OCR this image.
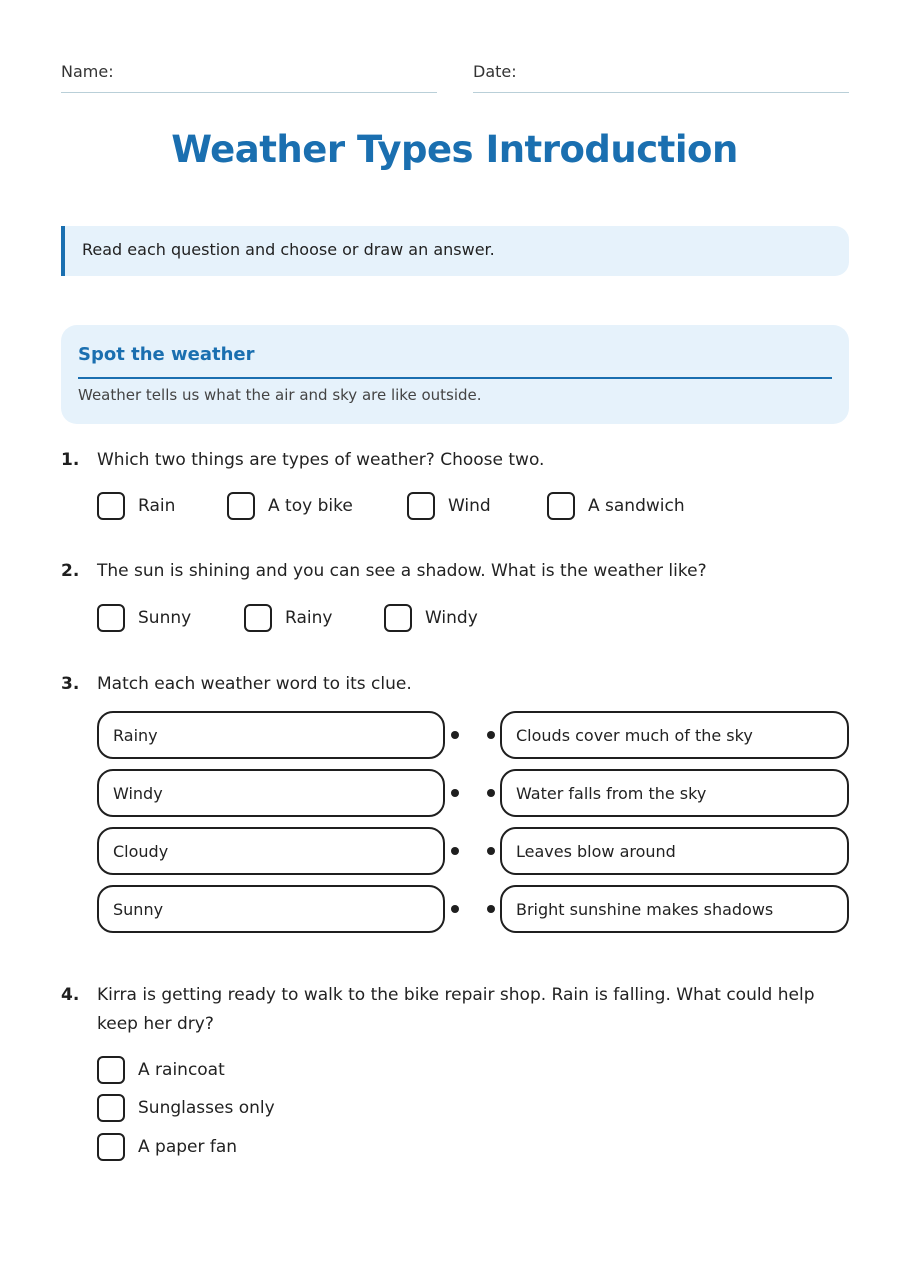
Name:	Date:
Weather Types Introduction
Read each question and choose or draw an answer.
Spot the weather
Weather tells us what the air and sky are like outside.
1. Which two things are types of weather? Choose two.
Rain	A toy bike	Wind	A sandwich
2. The sun is shining and you can see a shadow. What is the weather like?
Sunny	Rainy	Windy
3. Match each weather word to its clue.
Rainy
Windy
Cloudy
Sunny
Clouds cover much of the sky
Water falls from the sky
Leaves blow around
Bright sunshine makes shadows
4. Kirra is getting ready to walk to the bike repair shop. Rain is falling. What could help keep her dry?
A raincoat
Sunglasses only
A paper fan
